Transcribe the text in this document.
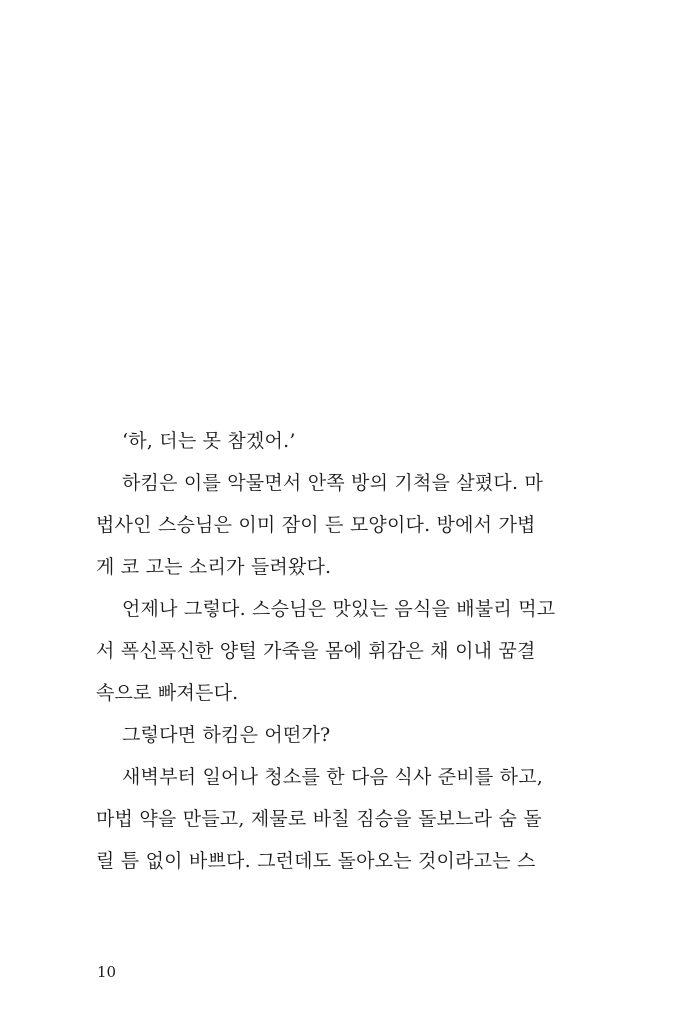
‘하, 더는 못 참겠어.’
하킴은 이를 악물면서 안쪽 방의 기척을 살폈다. 마
법사인 스승님은 이미 잠이 든 모양이다. 방에서 가볍
게 코 고는 소리가 들려왔다.
언제나 그렇다. 스승님은 맛있는 음식을 배불리 먹고
서 폭신폭신한 양털 가죽을 몸에 휘감은 채 이내 꿈결
속으로 빠져든다.
그렇다면 하킴은 어떤가?
새벽부터 일어나 청소를 한 다음 식사 준비를 하고,
마법 약을 만들고, 제물로 바칠 짐승을 돌보느라 숨 돌
릴 틈 없이 바쁘다. 그런데도 돌아오는 것이라고는 스
10
